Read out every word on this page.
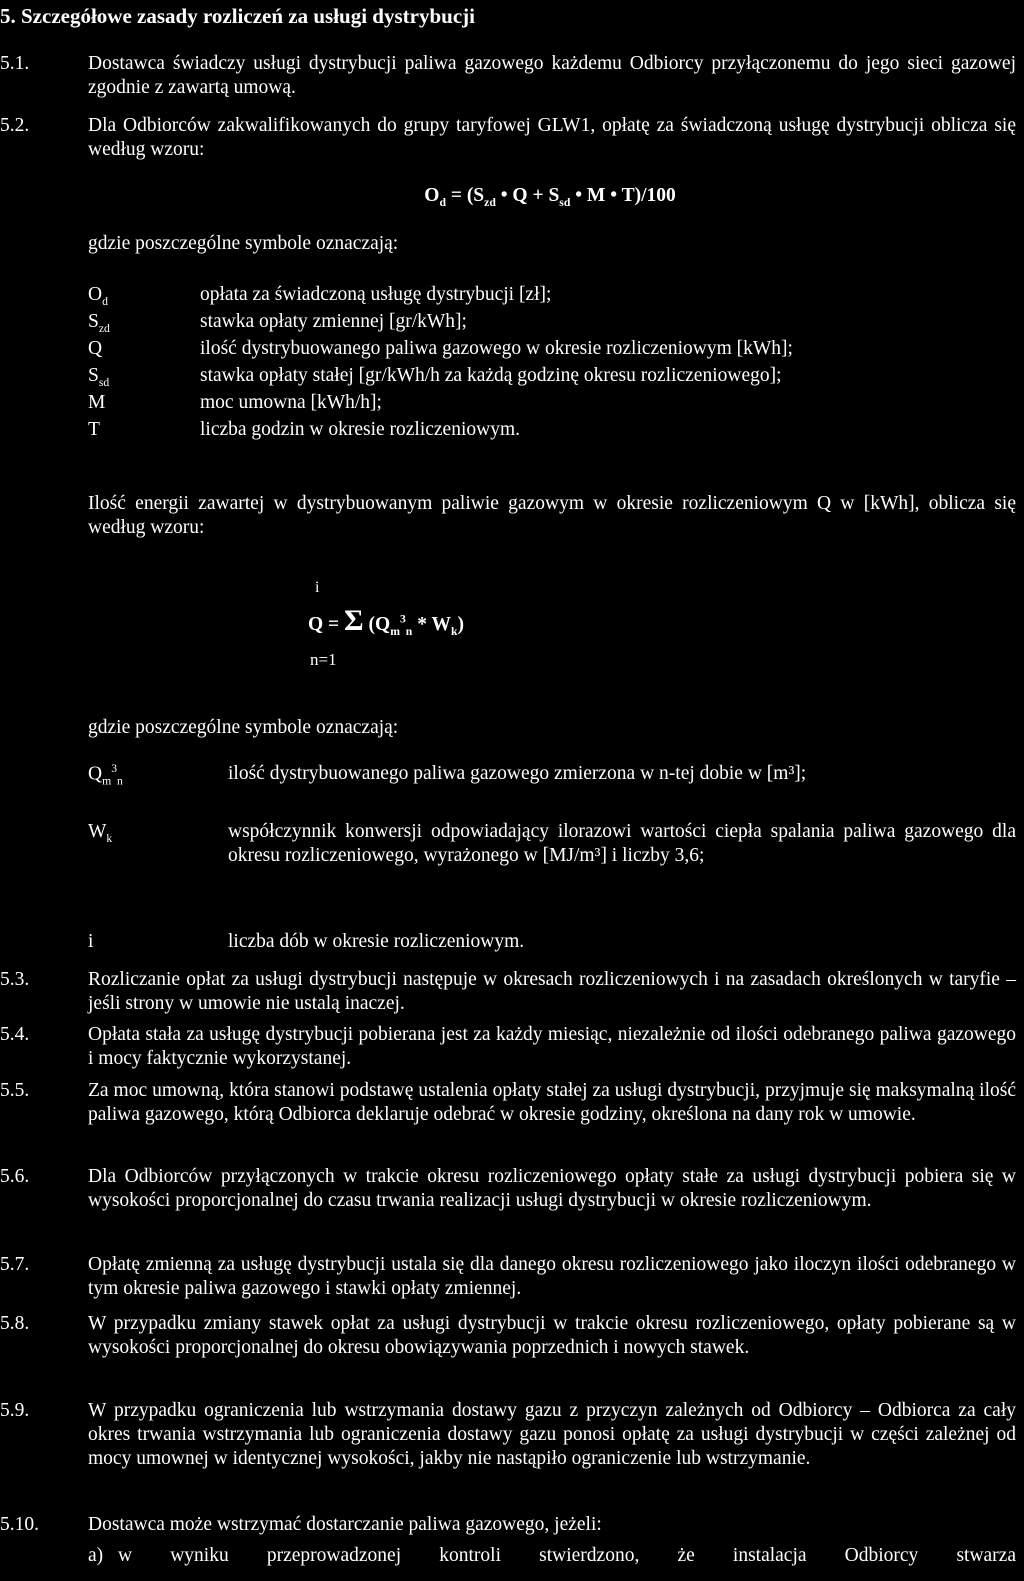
5. Szczegółowe zasady rozliczeń za usługi dystrybucji
5.1.	Dostawca świadczy usługi dystrybucji paliwa gazowego każdemu Odbiorcy przyłączonemu do jego sieci gazowej zgodnie z zawartą umową.
5.2.	Dla Odbiorców zakwalifikowanych do grupy taryfowej GLW1, opłatę za świadczoną usługę dystrybucji oblicza się według wzoru:
$O_d = (S_{zd}$ • $Q + S_{sd}$ • M • T)/100
gdzie poszczególne symbole oznaczają:
$O_d$	opłata za świadczoną usługę dystrybucji [zł];
$S_{zd}$	stawka opłaty zmiennej [gr/kWh];
Q	ilość dystrybuowanego paliwa gazowego w okresie rozliczeniowym [kWh];
$S_{sd}$	stawka opłaty stałej [gr/kWh/h za każdą godzinę okresu rozliczeniowego];
M	moc umowna [kWh/h];
T	liczba godzin w okresie rozliczeniowym.
Ilość energii zawartej w dystrybuowanym paliwie gazowym w okresie rozliczeniowym Q w [kWh], oblicza się według wzoru:
i
Q = Σ $(Q_m^3_n * W_k)$
n=1
gdzie poszczególne symbole oznaczają:
$Q_m^3_n$	ilość dystrybuowanego paliwa gazowego zmierzona w n-tej dobie w [m³];
$W_k$	współczynnik konwersji odpowiadający ilorazowi wartości ciepła spalania paliwa gazowego dla okresu rozliczeniowego, wyrażonego w [MJ/m³] i liczby 3,6;
i	liczba dób w okresie rozliczeniowym.
5.3.	Rozliczanie opłat za usługi dystrybucji następuje w okresach rozliczeniowych i na zasadach określonych w taryfie – jeśli strony w umowie nie ustalą inaczej.
5.4.	Opłata stała za usługę dystrybucji pobierana jest za każdy miesiąc, niezależnie od ilości odebranego paliwa gazowego i mocy faktycznie wykorzystanej.
5.5.	Za moc umowną, która stanowi podstawę ustalenia opłaty stałej za usługi dystrybucji, przyjmuje się maksymalną ilość paliwa gazowego, którą Odbiorca deklaruje odebrać w okresie godziny, określona na dany rok w umowie.
5.6.	Dla Odbiorców przyłączonych w trakcie okresu rozliczeniowego opłaty stałe za usługi dystrybucji pobiera się w wysokości proporcjonalnej do czasu trwania realizacji usługi dystrybucji w okresie rozliczeniowym.
5.7.	Opłatę zmienną za usługę dystrybucji ustala się dla danego okresu rozliczeniowego jako iloczyn ilości odebranego w tym okresie paliwa gazowego i stawki opłaty zmiennej.
5.8.	W przypadku zmiany stawek opłat za usługi dystrybucji w trakcie okresu rozliczeniowego, opłaty pobierane są w wysokości proporcjonalnej do okresu obowiązywania poprzednich i nowych stawek.
5.9.	W przypadku ograniczenia lub wstrzymania dostawy gazu z przyczyn zależnych od Odbiorcy – Odbiorca za cały okres trwania wstrzymania lub ograniczenia dostawy gazu ponosi opłatę za usługi dystrybucji w części zależnej od mocy umownej w identycznej wysokości, jakby nie nastąpiło ograniczenie lub wstrzymanie.
5.10.	Dostawca może wstrzymać dostarczanie paliwa gazowego, jeżeli:
a) w wyniku przeprowadzonej kontroli stwierdzono, że instalacja Odbiorcy stwarza
